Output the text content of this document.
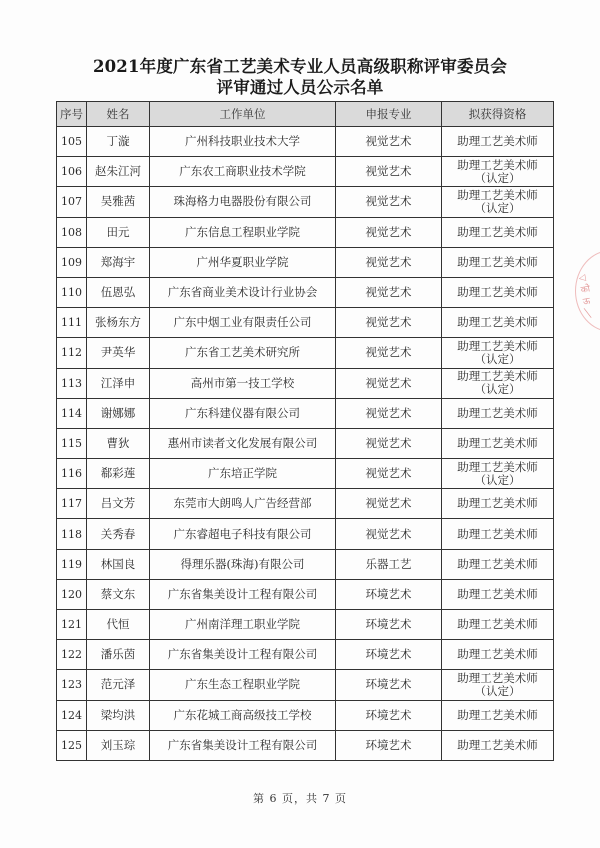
2021年度广东省工艺美术专业人员高级职称评审委员会
评审通过人员公示名单
序号	姓名	工作单位	申报专业	拟获得资格
105	丁漩	广州科技职业技术大学	视觉艺术	助理工艺美术师

106	赵朱江河	广东农工商职业技术学院	视觉艺术	助理工艺美术师
（认定）

107	吴雅茜	珠海格力电器股份有限公司	视觉艺术	助理工艺美术师
（认定）

108	田元	广东信息工程职业学院	视觉艺术	助理工艺美术师

109	郑海宇	广州华夏职业学院	视觉艺术	助理工艺美术师

110	伍恩弘	广东省商业美术设计行业协会	视觉艺术	助理工艺美术师

111	张杨东方	广东中烟工业有限责任公司	视觉艺术	助理工艺美术师

112	尹英华	广东省工艺美术研究所	视觉艺术	助理工艺美术师
（认定）

113	江泽申	高州市第一技工学校	视觉艺术	助理工艺美术师
（认定）

114	谢娜娜	广东科建仪器有限公司	视觉艺术	助理工艺美术师

115	曹狄	惠州市读者文化发展有限公司	视觉艺术	助理工艺美术师

116	郗彩莲	广东培正学院	视觉艺术	助理工艺美术师
（认定）

117	吕文芳	东莞市大朗鸣人广告经营部	视觉艺术	助理工艺美术师

118	关秀春	广东睿超电子科技有限公司	视觉艺术	助理工艺美术师

119	林国良	得理乐器(珠海)有限公司	乐器工艺	助理工艺美术师

120	蔡文东	广东省集美设计工程有限公司	环境艺术	助理工艺美术师

121	代恒	广州南洋理工职业学院	环境艺术	助理工艺美术师

122	潘乐茵	广东省集美设计工程有限公司	环境艺术	助理工艺美术师

123	范元泽	广东生态工程职业学院	环境艺术	助理工艺美术师
（认定）

124	梁均洪	广东花城工商高级技工学校	环境艺术	助理工艺美术师

125	刘玉琮	广东省集美设计工程有限公司	环境艺术	助理工艺美术师
第 6 页，共 7 页
◁
कोे
ऊ
╲
